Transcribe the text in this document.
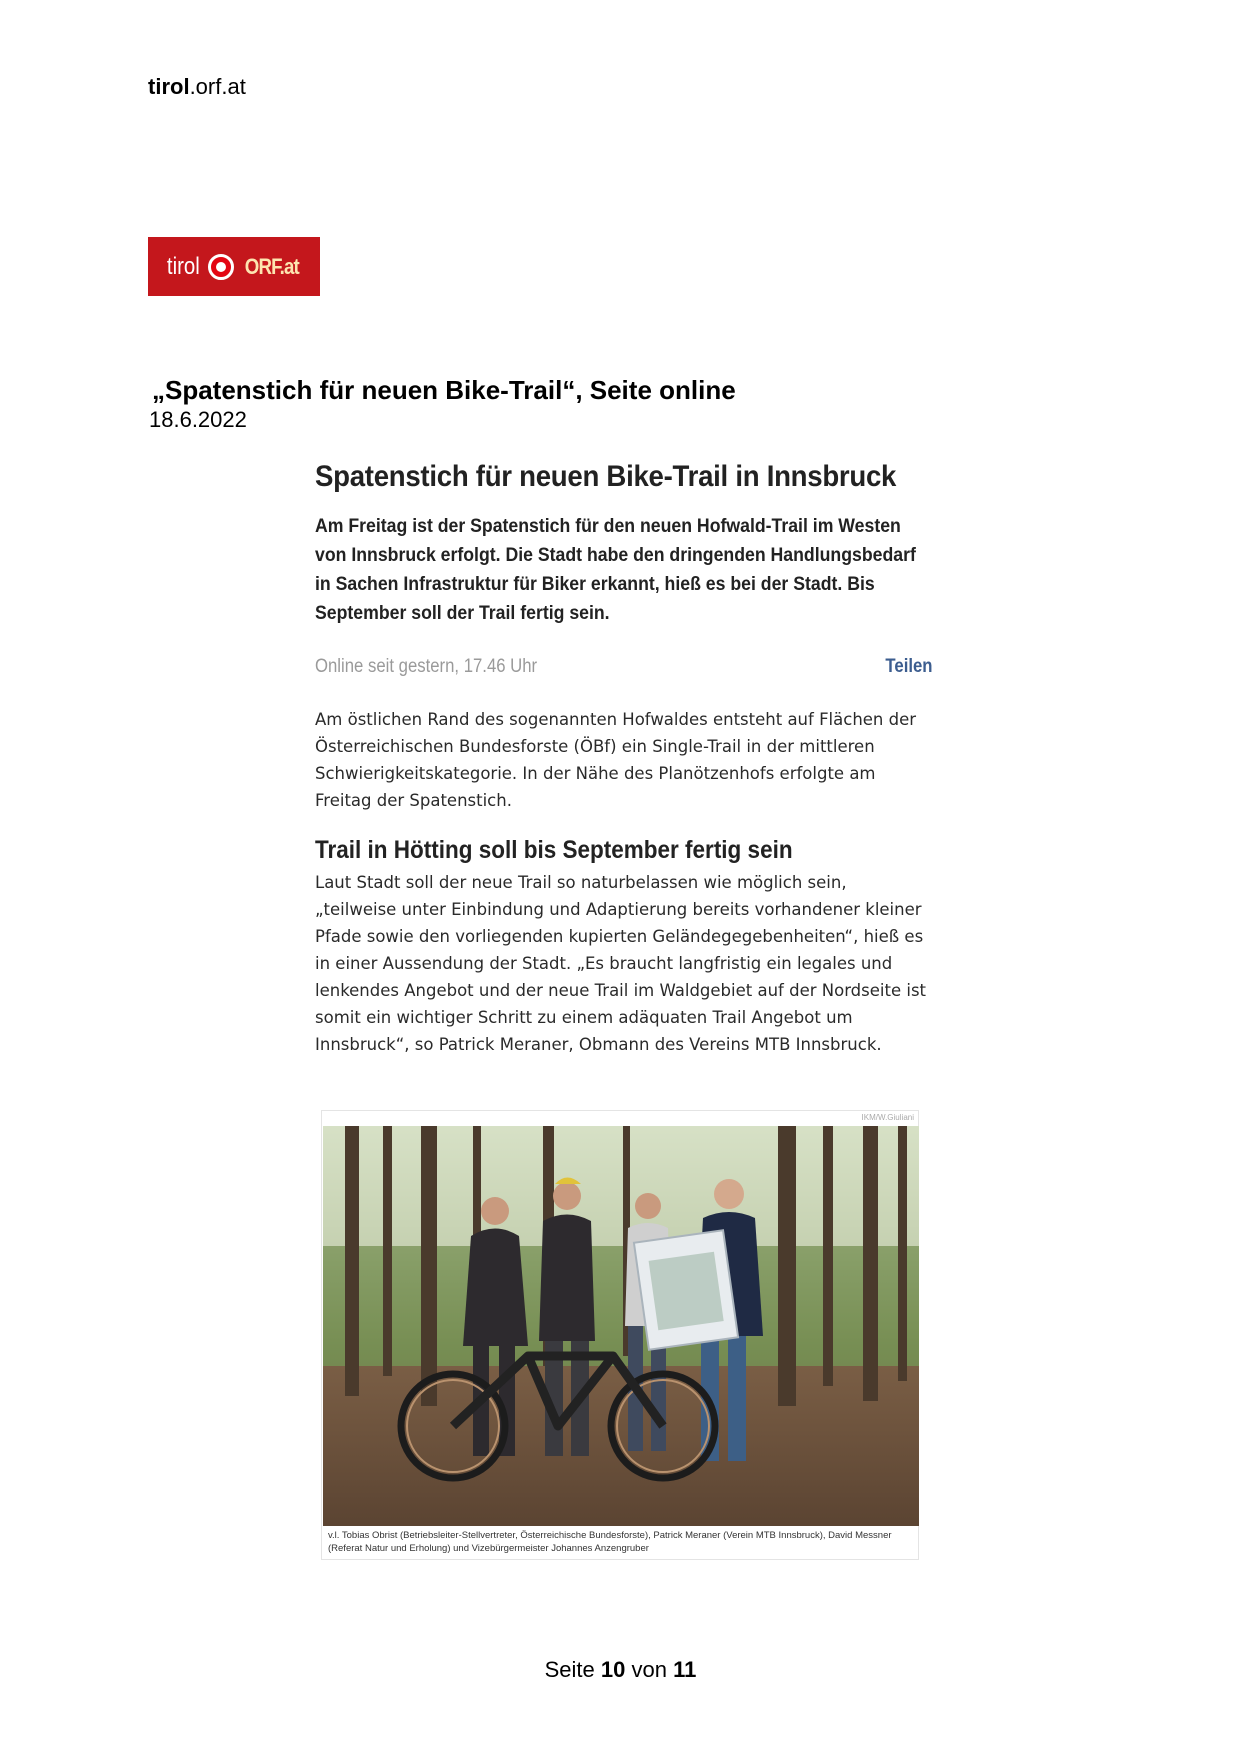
tirol.orf.at
tirol ORF.at
„Spatenstich für neuen Bike-Trail“, Seite online
18.6.2022
Spatenstich für neuen Bike-Trail in Innsbruck
Am Freitag ist der Spatenstich für den neuen Hofwald-Trail im Westen von Innsbruck erfolgt. Die Stadt habe den dringenden Handlungsbedarf in Sachen Infrastruktur für Biker erkannt, hieß es bei der Stadt. Bis September soll der Trail fertig sein.
Online seit gestern, 17.46 Uhr	Teilen
Am östlichen Rand des sogenannten Hofwaldes entsteht auf Flächen der Österreichischen Bundesforste (ÖBf) ein Single-Trail in der mittleren Schwierigkeitskategorie. In der Nähe des Planötzenhofs erfolgte am Freitag der Spatenstich.
Trail in Hötting soll bis September fertig sein
Laut Stadt soll der neue Trail so naturbelassen wie möglich sein, „teilweise unter Einbindung und Adaptierung bereits vorhandener kleiner Pfade sowie den vorliegenden kupierten Geländegegebenheiten“, hieß es in einer Aussendung der Stadt. „Es braucht langfristig ein legales und lenkendes Angebot und der neue Trail im Waldgebiet auf der Nordseite ist somit ein wichtiger Schritt zu einem adäquaten Trail Angebot um Innsbruck“, so Patrick Meraner, Obmann des Vereins MTB Innsbruck.
IKM/W.Giuliani
v.l. Tobias Obrist (Betriebsleiter-Stellvertreter, Österreichische Bundesforste), Patrick Meraner (Verein MTB Innsbruck), David Messner (Referat Natur und Erholung) und Vizebürgermeister Johannes Anzengruber
Seite 10 von 11
